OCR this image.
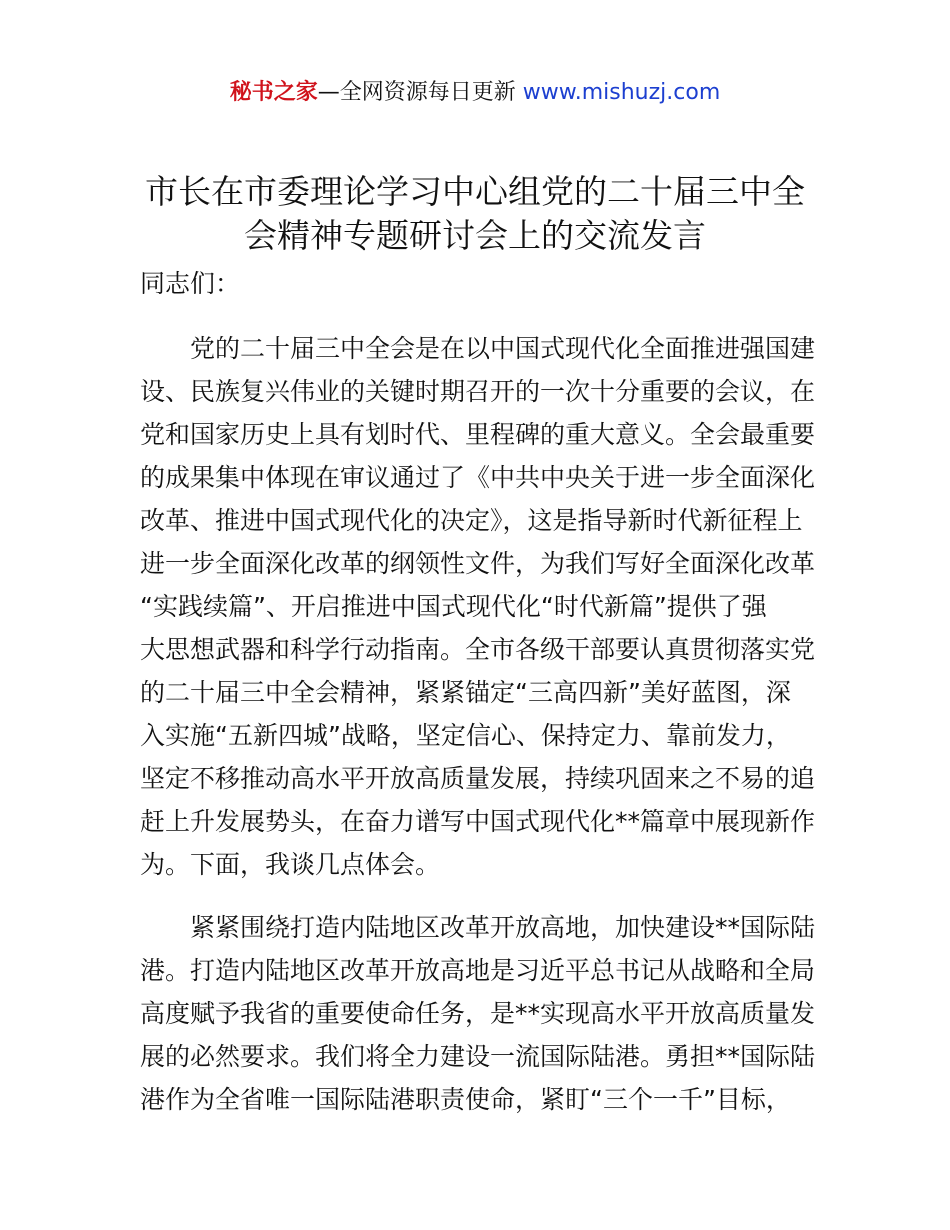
秘书之家—全网资源每日更新 www.mishuzj.com
市长在市委理论学习中心组党的二十届三中全
会精神专题研讨会上的交流发言

同志们：

党的二十届三中全会是在以中国式现代化全面推进强国建
设、民族复兴伟业的关键时期召开的一次十分重要的会议，在
党和国家历史上具有划时代、里程碑的重大意义。全会最重要
的成果集中体现在审议通过了《中共中央关于进一步全面深化
改革、推进中国式现代化的决定》，这是指导新时代新征程上
进一步全面深化改革的纲领性文件，为我们写好全面深化改革
“实践续篇”、开启推进中国式现代化“时代新篇”提供了强
大思想武器和科学行动指南。全市各级干部要认真贯彻落实党
的二十届三中全会精神，紧紧锚定“三高四新”美好蓝图，深
入实施“五新四城”战略，坚定信心、保持定力、靠前发力，
坚定不移推动高水平开放高质量发展，持续巩固来之不易的追
赶上升发展势头，在奋力谱写中国式现代化**篇章中展现新作
为。下面，我谈几点体会。

紧紧围绕打造内陆地区改革开放高地，加快建设**国际陆
港。打造内陆地区改革开放高地是习近平总书记从战略和全局
高度赋予我省的重要使命任务，是**实现高水平开放高质量发
展的必然要求。我们将全力建设一流国际陆港。勇担**国际陆
港作为全省唯一国际陆港职责使命，紧盯“三个一千”目标，
